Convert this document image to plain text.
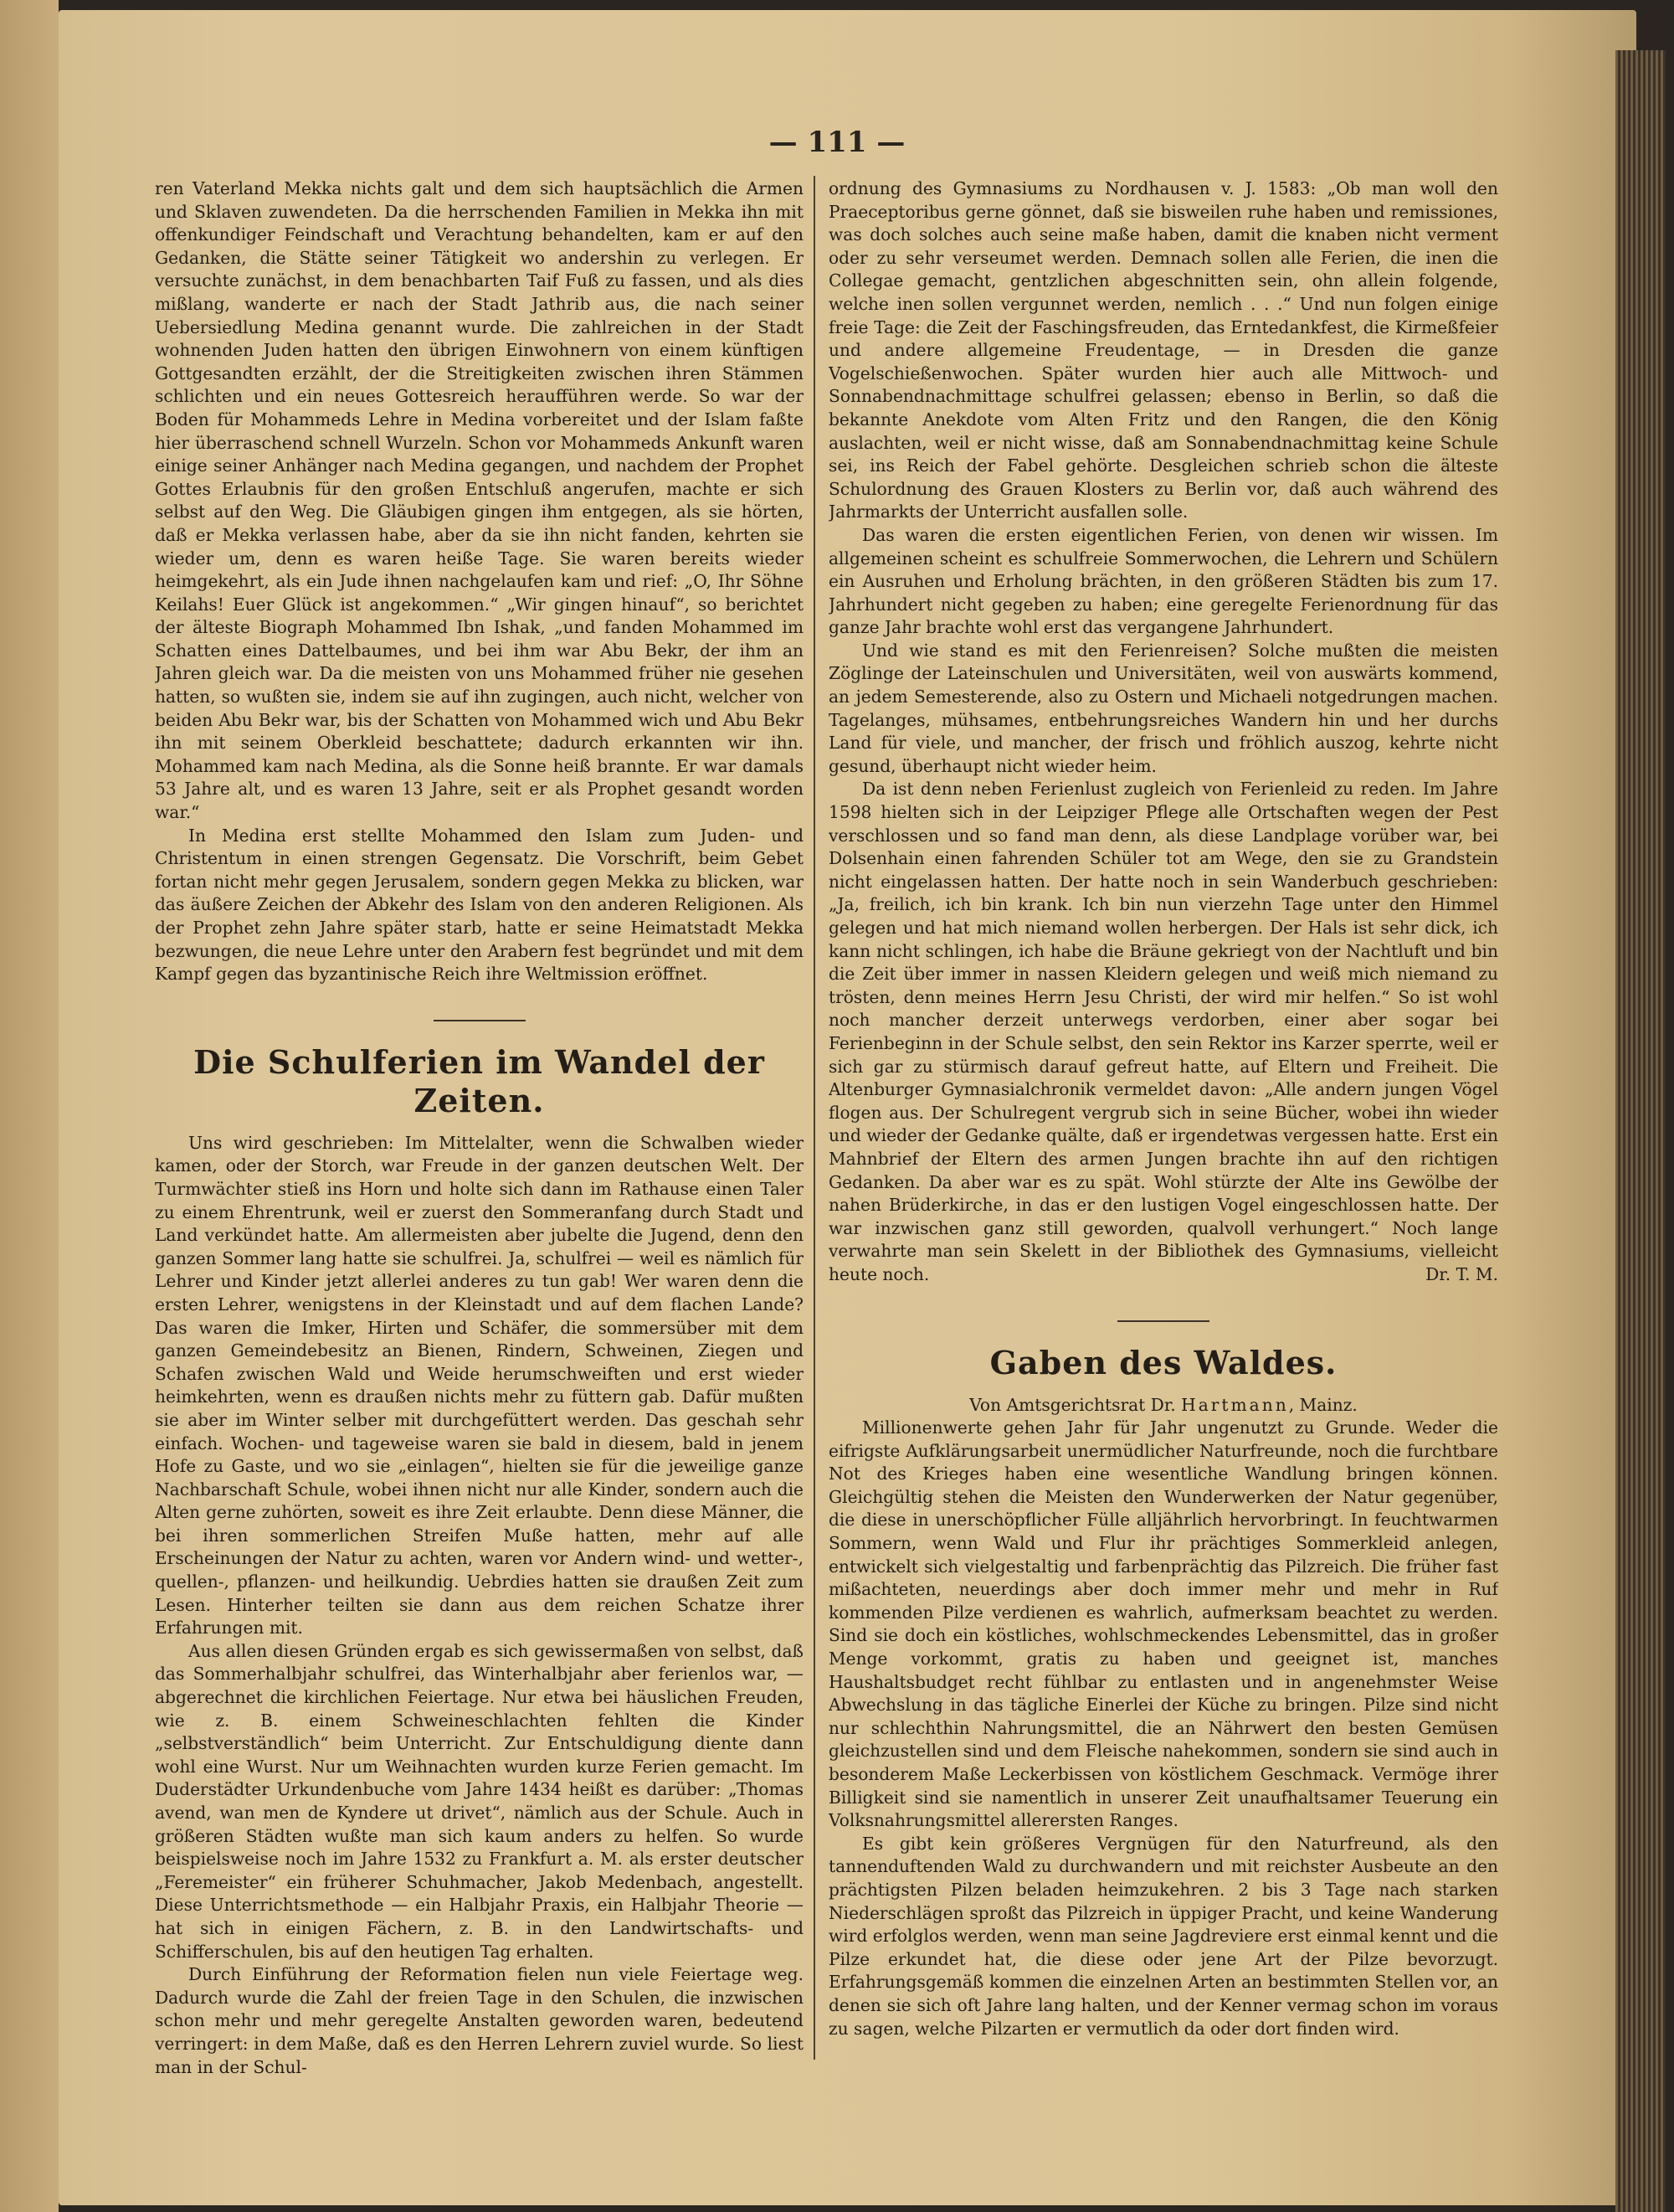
— 111 —

ren Vaterland Mekka nichts galt und dem sich hauptsächlich die Armen und Sklaven zuwendeten. Da die herrschenden Familien in Mekka ihn mit offenkundiger Feindschaft und Verachtung behandelten, kam er auf den Gedanken, die Stätte seiner Tätigkeit wo andershin zu verlegen. Er versuchte zunächst, in dem benachbarten Taif Fuß zu fassen, und als dies mißlang, wanderte er nach der Stadt Jathrib aus, die nach seiner Uebersiedlung Medina genannt wurde. Die zahlreichen in der Stadt wohnenden Juden hatten den übrigen Einwohnern von einem künftigen Gottgesandten erzählt, der die Streitigkeiten zwischen ihren Stämmen schlichten und ein neues Gottesreich heraufführen werde. So war der Boden für Mohammeds Lehre in Medina vorbereitet und der Islam faßte hier überraschend schnell Wurzeln. Schon vor Mohammeds Ankunft waren einige seiner Anhänger nach Medina gegangen, und nachdem der Prophet Gottes Erlaubnis für den großen Entschluß angerufen, machte er sich selbst auf den Weg. Die Gläubigen gingen ihm entgegen, als sie hörten, daß er Mekka verlassen habe, aber da sie ihn nicht fanden, kehrten sie wieder um, denn es waren heiße Tage. Sie waren bereits wieder heimgekehrt, als ein Jude ihnen nachgelaufen kam und rief: „O, Ihr Söhne Keilahs! Euer Glück ist angekommen.“ „Wir gingen hinauf“, so berichtet der älteste Biograph Mohammed Ibn Ishak, „und fanden Mohammed im Schatten eines Dattelbaumes, und bei ihm war Abu Bekr, der ihm an Jahren gleich war. Da die meisten von uns Mohammed früher nie gesehen hatten, so wußten sie, indem sie auf ihn zugingen, auch nicht, welcher von beiden Abu Bekr war, bis der Schatten von Mohammed wich und Abu Bekr ihn mit seinem Oberkleid beschattete; dadurch erkannten wir ihn. Mohammed kam nach Medina, als die Sonne heiß brannte. Er war damals 53 Jahre alt, und es waren 13 Jahre, seit er als Prophet gesandt worden war.“

In Medina erst stellte Mohammed den Islam zum Juden- und Christentum in einen strengen Gegensatz. Die Vorschrift, beim Gebet fortan nicht mehr gegen Jerusalem, sondern gegen Mekka zu blicken, war das äußere Zeichen der Abkehr des Islam von den anderen Religionen. Als der Prophet zehn Jahre später starb, hatte er seine Heimatstadt Mekka bezwungen, die neue Lehre unter den Arabern fest begründet und mit dem Kampf gegen das byzantinische Reich ihre Weltmission eröffnet.

Die Schulferien im Wandel der Zeiten.

Uns wird geschrieben: Im Mittelalter, wenn die Schwalben wieder kamen, oder der Storch, war Freude in der ganzen deutschen Welt. Der Turmwächter stieß ins Horn und holte sich dann im Rathause einen Taler zu einem Ehrentrunk, weil er zuerst den Sommeranfang durch Stadt und Land verkündet hatte. Am allermeisten aber jubelte die Jugend, denn den ganzen Sommer lang hatte sie schulfrei. Ja, schulfrei — weil es nämlich für Lehrer und Kinder jetzt allerlei anderes zu tun gab! Wer waren denn die ersten Lehrer, wenigstens in der Kleinstadt und auf dem flachen Lande? Das waren die Imker, Hirten und Schäfer, die sommersüber mit dem ganzen Gemeindebesitz an Bienen, Rindern, Schweinen, Ziegen und Schafen zwischen Wald und Weide herumschweiften und erst wieder heimkehrten, wenn es draußen nichts mehr zu füttern gab. Dafür mußten sie aber im Winter selber mit durchgefüttert werden. Das geschah sehr einfach. Wochen- und tageweise waren sie bald in diesem, bald in jenem Hofe zu Gaste, und wo sie „einlagen“, hielten sie für die jeweilige ganze Nachbarschaft Schule, wobei ihnen nicht nur alle Kinder, sondern auch die Alten gerne zuhörten, soweit es ihre Zeit erlaubte. Denn diese Männer, die bei ihren sommerlichen Streifen Muße hatten, mehr auf alle Erscheinungen der Natur zu achten, waren vor Andern wind- und wetter-, quellen-, pflanzen- und heilkundig. Uebrdies hatten sie draußen Zeit zum Lesen. Hinterher teilten sie dann aus dem reichen Schatze ihrer Erfahrungen mit.

Aus allen diesen Gründen ergab es sich gewissermaßen von selbst, daß das Sommerhalbjahr schulfrei, das Winterhalbjahr aber ferienlos war, — abgerechnet die kirchlichen Feiertage. Nur etwa bei häuslichen Freuden, wie z. B. einem Schweineschlachten fehlten die Kinder „selbstverständlich“ beim Unterricht. Zur Entschuldigung diente dann wohl eine Wurst. Nur um Weihnachten wurden kurze Ferien gemacht. Im Duderstädter Urkundenbuche vom Jahre 1434 heißt es darüber: „Thomas avend, wan men de Kyndere ut drivet“, nämlich aus der Schule. Auch in größeren Städten wußte man sich kaum anders zu helfen. So wurde beispielsweise noch im Jahre 1532 zu Frankfurt a. M. als erster deutscher „Feremeister“ ein früherer Schuhmacher, Jakob Medenbach, angestellt. Diese Unterrichtsmethode — ein Halbjahr Praxis, ein Halbjahr Theorie — hat sich in einigen Fächern, z. B. in den Landwirtschafts- und Schifferschulen, bis auf den heutigen Tag erhalten.

Durch Einführung der Reformation fielen nun viele Feiertage weg. Dadurch wurde die Zahl der freien Tage in den Schulen, die inzwischen schon mehr und mehr geregelte Anstalten geworden waren, bedeutend verringert: in dem Maße, daß es den Herren Lehrern zuviel wurde. So liest man in der Schul-

ordnung des Gymnasiums zu Nordhausen v. J. 1583: „Ob man woll den Praeceptoribus gerne gönnet, daß sie bisweilen ruhe haben und remissiones, was doch solches auch seine maße haben, damit die knaben nicht verment oder zu sehr verseumet werden. Demnach sollen alle Ferien, die inen die Collegae gemacht, gentzlichen abgeschnitten sein, ohn allein folgende, welche inen sollen vergunnet werden, nemlich . . .“ Und nun folgen einige freie Tage: die Zeit der Faschingsfreuden, das Erntedankfest, die Kirmeßfeier und andere allgemeine Freudentage, — in Dresden die ganze Vogelschießenwochen. Später wurden hier auch alle Mittwoch- und Sonnabendnachmittage schulfrei gelassen; ebenso in Berlin, so daß die bekannte Anekdote vom Alten Fritz und den Rangen, die den König auslachten, weil er nicht wisse, daß am Sonnabendnachmittag keine Schule sei, ins Reich der Fabel gehörte. Desgleichen schrieb schon die älteste Schulordnung des Grauen Klosters zu Berlin vor, daß auch während des Jahrmarkts der Unterricht ausfallen solle.

Das waren die ersten eigentlichen Ferien, von denen wir wissen. Im allgemeinen scheint es schulfreie Sommerwochen, die Lehrern und Schülern ein Ausruhen und Erholung brächten, in den größeren Städten bis zum 17. Jahrhundert nicht gegeben zu haben; eine geregelte Ferienordnung für das ganze Jahr brachte wohl erst das vergangene Jahrhundert.

Und wie stand es mit den Ferienreisen? Solche mußten die meisten Zöglinge der Lateinschulen und Universitäten, weil von auswärts kommend, an jedem Semesterende, also zu Ostern und Michaeli notgedrungen machen. Tagelanges, mühsames, entbehrungsreiches Wandern hin und her durchs Land für viele, und mancher, der frisch und fröhlich auszog, kehrte nicht gesund, überhaupt nicht wieder heim.

Da ist denn neben Ferienlust zugleich von Ferienleid zu reden. Im Jahre 1598 hielten sich in der Leipziger Pflege alle Ortschaften wegen der Pest verschlossen und so fand man denn, als diese Landplage vorüber war, bei Dolsenhain einen fahrenden Schüler tot am Wege, den sie zu Grandstein nicht eingelassen hatten. Der hatte noch in sein Wanderbuch geschrieben: „Ja, freilich, ich bin krank. Ich bin nun vierzehn Tage unter den Himmel gelegen und hat mich niemand wollen herbergen. Der Hals ist sehr dick, ich kann nicht schlingen, ich habe die Bräune gekriegt von der Nachtluft und bin die Zeit über immer in nassen Kleidern gelegen und weiß mich niemand zu trösten, denn meines Herrn Jesu Christi, der wird mir helfen.“ So ist wohl noch mancher derzeit unterwegs verdorben, einer aber sogar bei Ferienbeginn in der Schule selbst, den sein Rektor ins Karzer sperrte, weil er sich gar zu stürmisch darauf gefreut hatte, auf Eltern und Freiheit. Die Altenburger Gymnasialchronik vermeldet davon: „Alle andern jungen Vögel flogen aus. Der Schulregent vergrub sich in seine Bücher, wobei ihn wieder und wieder der Gedanke quälte, daß er irgendetwas vergessen hatte. Erst ein Mahnbrief der Eltern des armen Jungen brachte ihn auf den richtigen Gedanken. Da aber war es zu spät. Wohl stürzte der Alte ins Gewölbe der nahen Brüderkirche, in das er den lustigen Vogel eingeschlossen hatte. Der war inzwischen ganz still geworden, qualvoll verhungert.“ Noch lange verwahrte man sein Skelett in der Bibliothek des Gymnasiums, vielleicht heute noch.	Dr. T. M.

Gaben des Waldes.

Von Amtsgerichtsrat Dr. Hartmann, Mainz.

Millionenwerte gehen Jahr für Jahr ungenutzt zu Grunde. Weder die eifrigste Aufklärungsarbeit unermüdlicher Naturfreunde, noch die furchtbare Not des Krieges haben eine wesentliche Wandlung bringen können. Gleichgültig stehen die Meisten den Wunderwerken der Natur gegenüber, die diese in unerschöpflicher Fülle alljährlich hervorbringt. In feuchtwarmen Sommern, wenn Wald und Flur ihr prächtiges Sommerkleid anlegen, entwickelt sich vielgestaltig und farbenprächtig das Pilzreich. Die früher fast mißachteten, neuerdings aber doch immer mehr und mehr in Ruf kommenden Pilze verdienen es wahrlich, aufmerksam beachtet zu werden. Sind sie doch ein köstliches, wohlschmeckendes Lebensmittel, das in großer Menge vorkommt, gratis zu haben und geeignet ist, manches Haushaltsbudget recht fühlbar zu entlasten und in angenehmster Weise Abwechslung in das tägliche Einerlei der Küche zu bringen. Pilze sind nicht nur schlechthin Nahrungsmittel, die an Nährwert den besten Gemüsen gleichzustellen sind und dem Fleische nahekommen, sondern sie sind auch in besonderem Maße Leckerbissen von köstlichem Geschmack. Vermöge ihrer Billigkeit sind sie namentlich in unserer Zeit unaufhaltsamer Teuerung ein Volksnahrungsmittel allerersten Ranges.

Es gibt kein größeres Vergnügen für den Naturfreund, als den tannenduftenden Wald zu durchwandern und mit reichster Ausbeute an den prächtigsten Pilzen beladen heimzukehren. 2 bis 3 Tage nach starken Niederschlägen sproßt das Pilzreich in üppiger Pracht, und keine Wanderung wird erfolglos werden, wenn man seine Jagdreviere erst einmal kennt und die Pilze erkundet hat, die diese oder jene Art der Pilze bevorzugt. Erfahrungsgemäß kommen die einzelnen Arten an bestimmten Stellen vor, an denen sie sich oft Jahre lang halten, und der Kenner vermag schon im voraus zu sagen, welche Pilzarten er vermutlich da oder dort finden wird.
